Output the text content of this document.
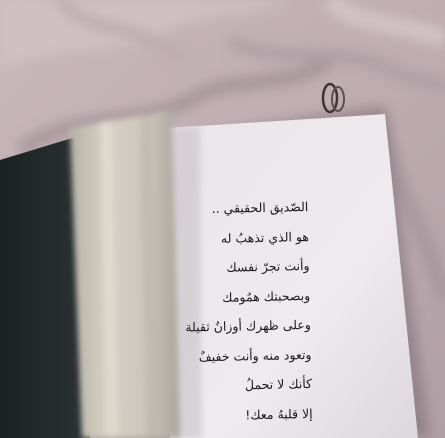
الصّديق الحقيقي ..
هو الذي تذهبُ له
وأنت تجرّ نفسك
وبصحبتك همُومك
وعلى ظهرك أوزانٌ ثقيلة
وتعود منه وأنت خفيفٌ
كأنك لا تحملُ
إلا قلبهُ معك!
